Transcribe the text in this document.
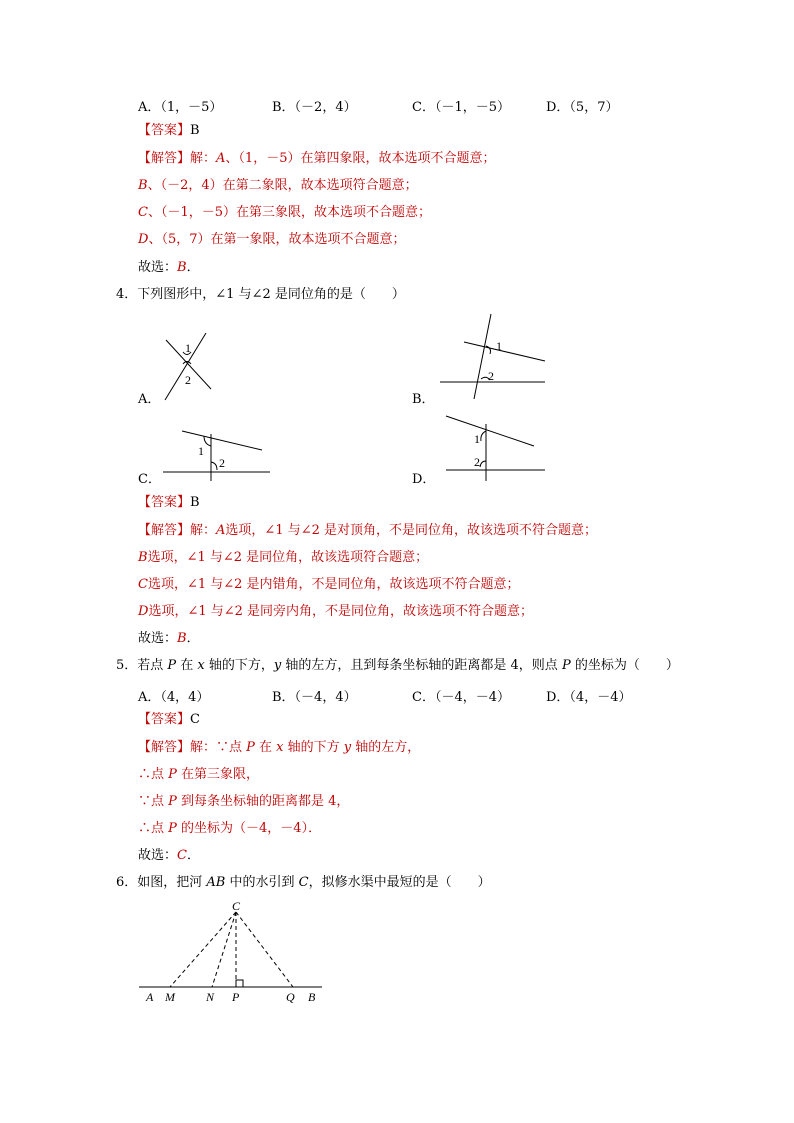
A．（1，－5）	B．（－2，4）	C．（－1，－5）	D．（5，7）
【答案】B
【解答】解：A、（1，－5）在第四象限，故本选项不合题意；
B、（－2，4）在第二象限，故本选项符合题意；
C、（－1，－5）在第三象限，故本选项不合题意；
D、（5，7）在第一象限，故本选项不合题意；
故选：B．
4．下列图形中，∠1 与∠2 是同位角的是（　　）
1
2
1
2
1
2
1
2
C
A M	N P	Q B
A．	B．
C．	D．
【答案】B
【解答】解：A选项，∠1 与∠2 是对顶角，不是同位角，故该选项不符合题意；
B选项，∠1 与∠2 是同位角，故该选项符合题意；
C选项，∠1 与∠2 是内错角，不是同位角，故该选项不符合题意；
D选项，∠1 与∠2 是同旁内角，不是同位角，故该选项不符合题意；
故选：B．
5．若点 P 在 x 轴的下方，y 轴的左方，且到每条坐标轴的距离都是 4，则点 P 的坐标为（　　）
A．（4，4）	B．（－4，4）	C．（－4，－4）	D．（4，－4）
【答案】C
【解答】解：∵点 P 在 x 轴的下方 y 轴的左方，
∴点 P 在第三象限，
∵点 P 到每条坐标轴的距离都是 4，
∴点 P 的坐标为（－4，－4）．
故选：C．
6．如图，把河 AB 中的水引到 C，拟修水渠中最短的是（　　）
